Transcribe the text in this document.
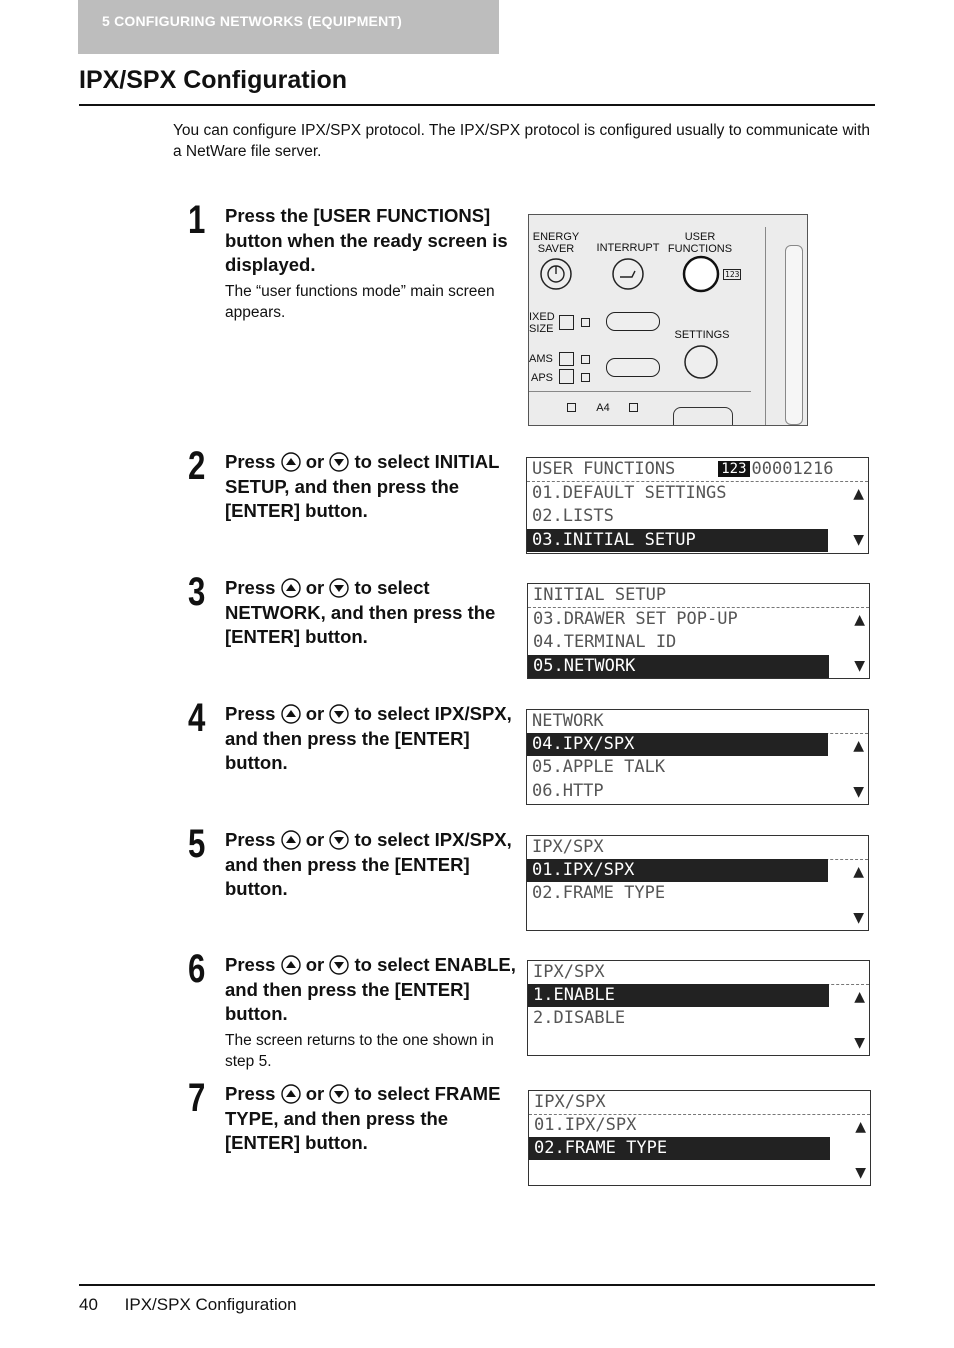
5 CONFIGURING NETWORKS (EQUIPMENT)
IPX/SPX Configuration

You can configure IPX/SPX protocol. The IPX/SPX protocol is configured usually to communicate with a NetWare file server.

1 Press the [USER FUNCTIONS] button when the ready screen is displayed.
The “user functions mode” main screen appears.
ENERGY SAVER	INTERRUPT
USER FUNCTIONS
123
IXED SIZE	SETTINGS
AMS
APS
A4
2 Press or to select INITIAL SETUP, and then press the [ENTER] button.
USER FUNCTIONS	123 00001216
01.DEFAULT SETTINGS
02.LISTS
03.INITIAL SETUP
▲
▼
3 Press or to select NETWORK, and then press the [ENTER] button.
INITIAL SETUP
03.DRAWER SET POP-UP
04.TERMINAL ID
05.NETWORK
▲
▼
4 Press or to select IPX/SPX, and then press the [ENTER] button.
NETWORK
04.IPX/SPX
05.APPLE TALK
06.HTTP
▲
▼
5 Press or to select IPX/SPX, and then press the [ENTER] button.
IPX/SPX
01.IPX/SPX
02.FRAME TYPE
▲
▼
6 Press or to select ENABLE, and then press the [ENTER] button.
The screen returns to the one shown in step 5.
IPX/SPX
1.ENABLE
2.DISABLE
▲
▼
7 Press or to select FRAME TYPE, and then press the [ENTER] button.
IPX/SPX
01.IPX/SPX
02.FRAME TYPE
▲
▼
40 IPX/SPX Configuration
